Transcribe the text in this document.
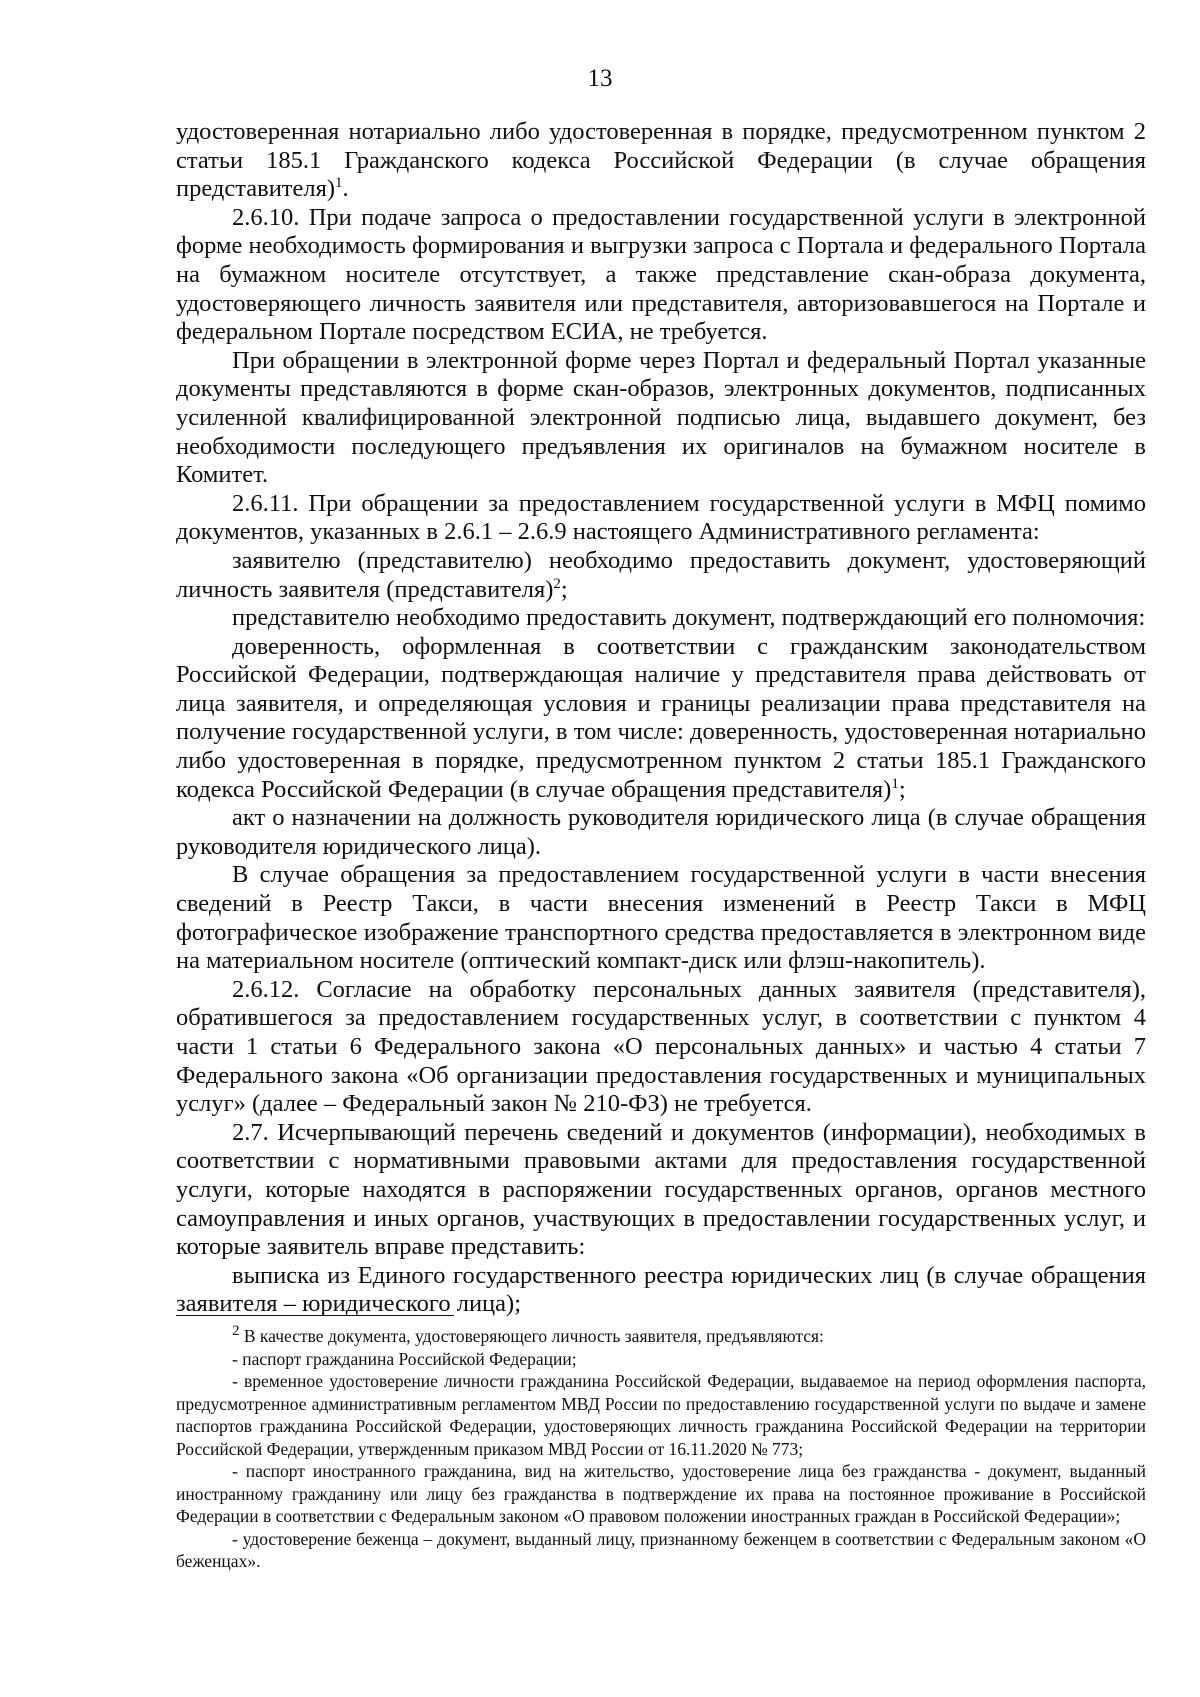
13

удостоверенная нотариально либо удостоверенная в порядке, предусмотренном пунктом 2 статьи 185.1 Гражданского кодекса Российской Федерации (в случае обращения представителя)$^1$.

2.6.10. При подаче запроса о предоставлении государственной услуги в электронной форме необходимость формирования и выгрузки запроса с Портала и федерального Портала на бумажном носителе отсутствует, а также представление скан-образа документа, удостоверяющего личность заявителя или представителя, авторизовавшегося на Портале и федеральном Портале посредством ЕСИА, не требуется.

При обращении в электронной форме через Портал и федеральный Портал указанные документы представляются в форме скан-образов, электронных документов, подписанных усиленной квалифицированной электронной подписью лица, выдавшего документ, без необходимости последующего предъявления их оригиналов на бумажном носителе в Комитет.

2.6.11. При обращении за предоставлением государственной услуги в МФЦ помимо документов, указанных в 2.6.1 – 2.6.9 настоящего Административного регламента:

заявителю (представителю) необходимо предоставить документ, удостоверяющий личность заявителя (представителя)$^2$;

представителю необходимо предоставить документ, подтверждающий его полномочия:

доверенность, оформленная в соответствии с гражданским законодательством Российской Федерации, подтверждающая наличие у представителя права действовать от лица заявителя, и определяющая условия и границы реализации права представителя на получение государственной услуги, в том числе: доверенность, удостоверенная нотариально либо удостоверенная в порядке, предусмотренном пунктом 2 статьи 185.1 Гражданского кодекса Российской Федерации (в случае обращения представителя)$^1$;

акт о назначении на должность руководителя юридического лица (в случае обращения руководителя юридического лица).

В случае обращения за предоставлением государственной услуги в части внесения сведений в Реестр Такси, в части внесения изменений в Реестр Такси в МФЦ фотографическое изображение транспортного средства предоставляется в электронном виде на материальном носителе (оптический компакт-диск или флэш-накопитель).

2.6.12. Согласие на обработку персональных данных заявителя (представителя), обратившегося за предоставлением государственных услуг, в соответствии с пунктом 4 части 1 статьи 6 Федерального закона «О персональных данных» и частью 4 статьи 7 Федерального закона «Об организации предоставления государственных и муниципальных услуг» (далее – Федеральный закон № 210-ФЗ) не требуется.

2.7. Исчерпывающий перечень сведений и документов (информации), необходимых в соответствии с нормативными правовыми актами для предоставления государственной услуги, которые находятся в распоряжении государственных органов, органов местного самоуправления и иных органов, участвующих в предоставлении государственных услуг, и которые заявитель вправе представить:

выписка из Единого государственного реестра юридических лиц (в случае обращения заявителя – юридического лица);

$^2$ В качестве документа, удостоверяющего личность заявителя, предъявляются:

- паспорт гражданина Российской Федерации;

- временное удостоверение личности гражданина Российской Федерации, выдаваемое на период оформления паспорта, предусмотренное административным регламентом МВД России по предоставлению государственной услуги по выдаче и замене паспортов гражданина Российской Федерации, удостоверяющих личность гражданина Российской Федерации на территории Российской Федерации, утвержденным приказом МВД России от 16.11.2020 № 773;

- паспорт иностранного гражданина, вид на жительство, удостоверение лица без гражданства - документ, выданный иностранному гражданину или лицу без гражданства в подтверждение их права на постоянное проживание в Российской Федерации в соответствии с Федеральным законом «О правовом положении иностранных граждан в Российской Федерации»;

- удостоверение беженца – документ, выданный лицу, признанному беженцем в соответствии с Федеральным законом «О беженцах».
